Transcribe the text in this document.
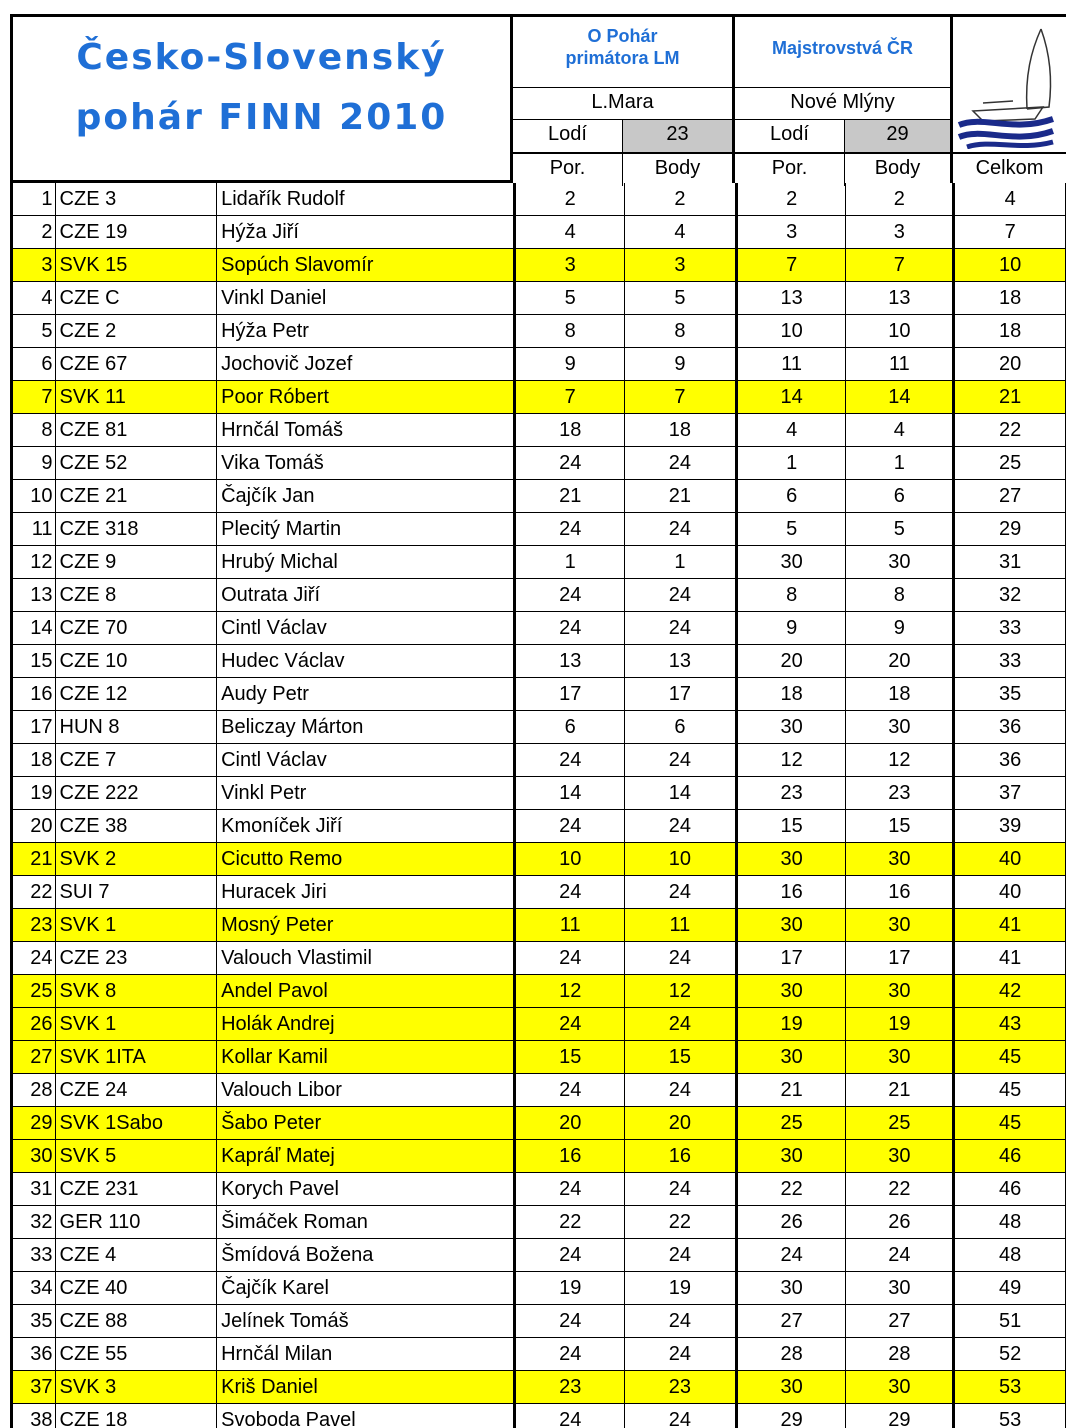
Česko-Slovenský
pohár FINN 2010
O Pohár
primátora LM
L.Mara
Lodí	23
Por.	Body
Majstrovstvá ČR
Nové Mlýny
Lodí	29
Por.	Body	Celkom
1	CZE 3	Lidařík Rudolf	2	2	2	2	4
2	CZE 19	Hýža Jiří	4	4	3	3	7
3	SVK 15	Sopúch Slavomír	3	3	7	7	10
4	CZE C	Vinkl Daniel	5	5	13	13	18
5	CZE 2	Hýža Petr	8	8	10	10	18
6	CZE 67	Jochovič Jozef	9	9	11	11	20
7	SVK 11	Poor Róbert	7	7	14	14	21
8	CZE 81	Hrnčál Tomáš	18	18	4	4	22
9	CZE 52	Vika Tomáš	24	24	1	1	25
10	CZE 21	Čajčík Jan	21	21	6	6	27
11	CZE 318	Plecitý Martin	24	24	5	5	29
12	CZE 9	Hrubý Michal	1	1	30	30	31
13	CZE 8	Outrata Jiří	24	24	8	8	32
14	CZE 70	Cintl Václav	24	24	9	9	33
15	CZE 10	Hudec Václav	13	13	20	20	33
16	CZE 12	Audy Petr	17	17	18	18	35
17	HUN 8	Beliczay Márton	6	6	30	30	36
18	CZE 7	Cintl Václav	24	24	12	12	36
19	CZE 222	Vinkl Petr	14	14	23	23	37
20	CZE 38	Kmoníček Jiří	24	24	15	15	39
21	SVK 2	Cicutto Remo	10	10	30	30	40
22	SUI 7	Huracek Jiri	24	24	16	16	40
23	SVK 1	Mosný Peter	11	11	30	30	41
24	CZE 23	Valouch Vlastimil	24	24	17	17	41
25	SVK 8	Andel Pavol	12	12	30	30	42
26	SVK 1	Holák Andrej	24	24	19	19	43
27	SVK 1ITA	Kollar Kamil	15	15	30	30	45
28	CZE 24	Valouch Libor	24	24	21	21	45
29	SVK 1Sabo	Šabo Peter	20	20	25	25	45
30	SVK 5	Kapráľ Matej	16	16	30	30	46
31	CZE 231	Korych Pavel	24	24	22	22	46
32	GER 110	Šimáček Roman	22	22	26	26	48
33	CZE 4	Šmídová Božena	24	24	24	24	48
34	CZE 40	Čajčík Karel	19	19	30	30	49
35	CZE 88	Jelínek Tomáš	24	24	27	27	51
36	CZE 55	Hrnčál Milan	24	24	28	28	52
37	SVK 3	Kriš Daniel	23	23	30	30	53
38	CZE 18	Svoboda Pavel	24	24	29	29	53
